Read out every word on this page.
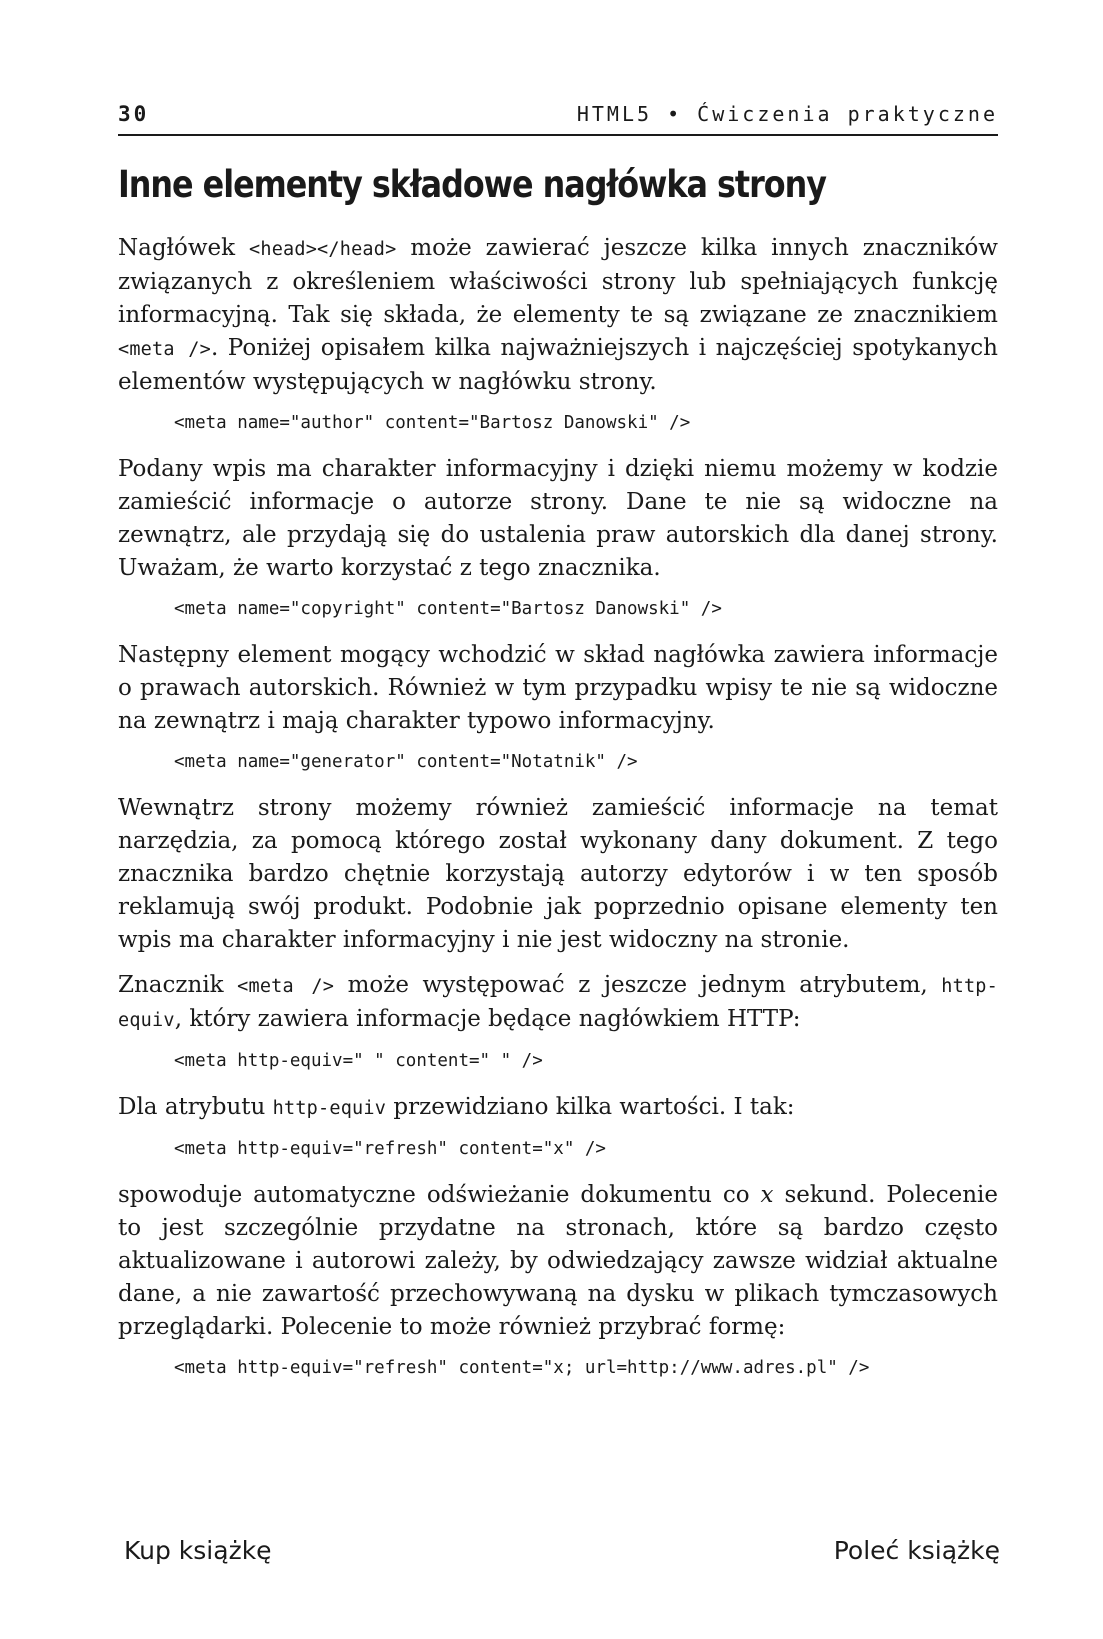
30	HTML5 • Ćwiczenia praktyczne
Inne elementy składowe nagłówka strony

Nagłówek <head></head> może zawierać jeszcze kilka innych znaczników związanych z określeniem właściwości strony lub spełniających funkcję informacyjną. Tak się składa, że elementy te są związane ze znacznikiem <meta />. Poniżej opisałem kilka najważniejszych i najczęściej spotykanych elementów występujących w nagłówku strony.

<meta name="author" content="Bartosz Danowski" />

Podany wpis ma charakter informacyjny i dzięki niemu możemy w kodzie zamieścić informacje o autorze strony. Dane te nie są widoczne na zewnątrz, ale przydają się do ustalenia praw autorskich dla danej strony. Uważam, że warto korzystać z tego znacznika.

<meta name="copyright" content="Bartosz Danowski" />

Następny element mogący wchodzić w skład nagłówka zawiera informacje o prawach autorskich. Również w tym przypadku wpisy te nie są widoczne na zewnątrz i mają charakter typowo informacyjny.

<meta name="generator" content="Notatnik" />

Wewnątrz strony możemy również zamieścić informacje na temat narzędzia, za pomocą którego został wykonany dany dokument. Z tego znacznika bardzo chętnie korzystają autorzy edytorów i w ten sposób reklamują swój produkt. Podobnie jak poprzednio opisane elementy ten wpis ma charakter informacyjny i nie jest widoczny na stronie.

Znacznik <meta /> może występować z jeszcze jednym atrybutem, http-equiv, który zawiera informacje będące nagłówkiem HTTP:

<meta http-equiv=" " content=" " />

Dla atrybutu http-equiv przewidziano kilka wartości. I tak:

<meta http-equiv="refresh" content="x" />

spowoduje automatyczne odświeżanie dokumentu co x sekund. Polecenie to jest szczególnie przydatne na stronach, które są bardzo często aktualizowane i autorowi zależy, by odwiedzający zawsze widział aktualne dane, a nie zawartość przechowywaną na dysku w plikach tymczasowych przeglądarki. Polecenie to może również przybrać formę:

<meta http-equiv="refresh" content="x; url=http://www.adres.pl" />
Kup książkę	Poleć książkę
